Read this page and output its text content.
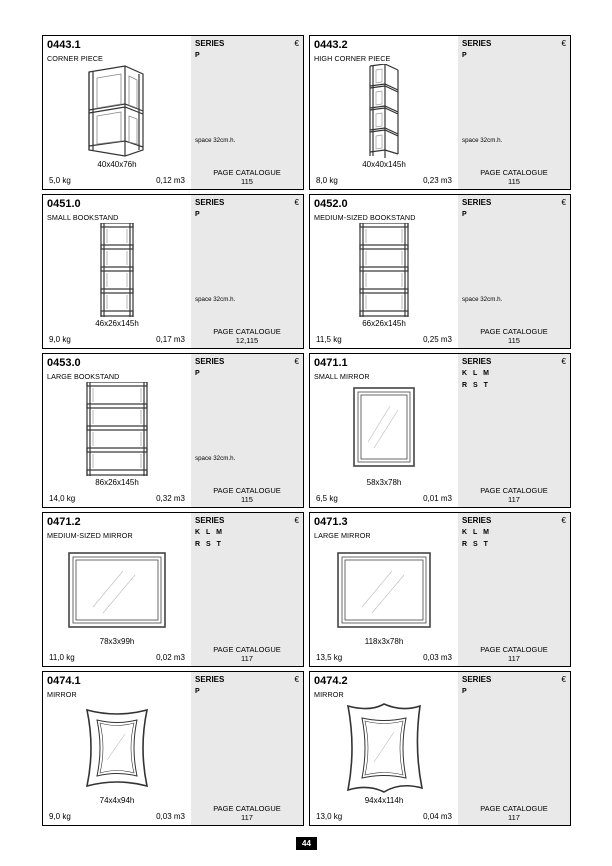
SERIES	€
P
space 32cm.h.
PAGE CATALOGUE
115
0443.1
CORNER PIECE
40x40x76h
5,0 kg	0,12 m3
SERIES	€
P
space 32cm.h.
PAGE CATALOGUE
115
0443.2
HIGH CORNER PIECE
40x40x145h
8,0 kg	0,23 m3
SERIES	€
P
space 32cm.h.
PAGE CATALOGUE
12,115
0451.0
SMALL BOOKSTAND
46x26x145h
9,0 kg	0,17 m3
SERIES	€
P
space 32cm.h.
PAGE CATALOGUE
115
0452.0
MEDIUM-SIZED BOOKSTAND
66x26x145h
11,5 kg	0,25 m3
SERIES	€
P
space 32cm.h.
PAGE CATALOGUE
115
0453.0
LARGE BOOKSTAND
86x26x145h
14,0 kg	0,32 m3
SERIES	€
K L M
R S T
PAGE CATALOGUE
117
0471.1
SMALL MIRROR
58x3x78h
6,5 kg	0,01 m3
SERIES	€
K L M
R S T
PAGE CATALOGUE
117
0471.2
MEDIUM-SIZED MIRROR
78x3x99h
11,0 kg	0,02 m3
SERIES	€
K L M
R S T
PAGE CATALOGUE
117
0471.3
LARGE MIRROR
118x3x78h
13,5 kg	0,03 m3
SERIES	€
P
PAGE CATALOGUE
117
0474.1
MIRROR
74x4x94h
9,0 kg	0,03 m3
SERIES	€
P
PAGE CATALOGUE
117
0474.2
MIRROR
94x4x114h
13,0 kg	0,04 m3
44
